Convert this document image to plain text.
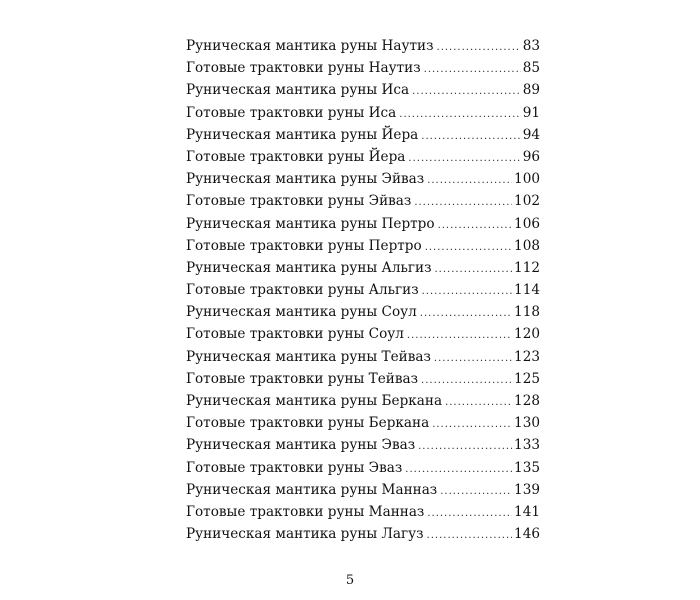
Руническая мантика руны Наутиз .....	83
Готовые трактовки руны Наутиз .....	85
Руническая мантика руны Иса .....	89
Готовые трактовки руны Иса .....	91
Руническая мантика руны Йера .....	94
Готовые трактовки руны Йера .....	96
Руническая мантика руны Эйваз .....	100
Готовые трактовки руны Эйваз .....	102
Руническая мантика руны Пертро .....	106
Готовые трактовки руны Пертро .....	108
Руническая мантика руны Альгиз .....	112
Готовые трактовки руны Альгиз .....	114
Руническая мантика руны Соул .....	118
Готовые трактовки руны Соул .....	120
Руническая мантика руны Тейваз .....	123
Готовые трактовки руны Тейваз .....	125
Руническая мантика руны Беркана .....	128
Готовые трактовки руны Беркана .....	130
Руническая мантика руны Эваз .....	133
Готовые трактовки руны Эваз .....	135
Руническая мантика руны Манназ .....	139
Готовые трактовки руны Манназ .....	141
Руническая мантика руны Лагуз .....	146
5
